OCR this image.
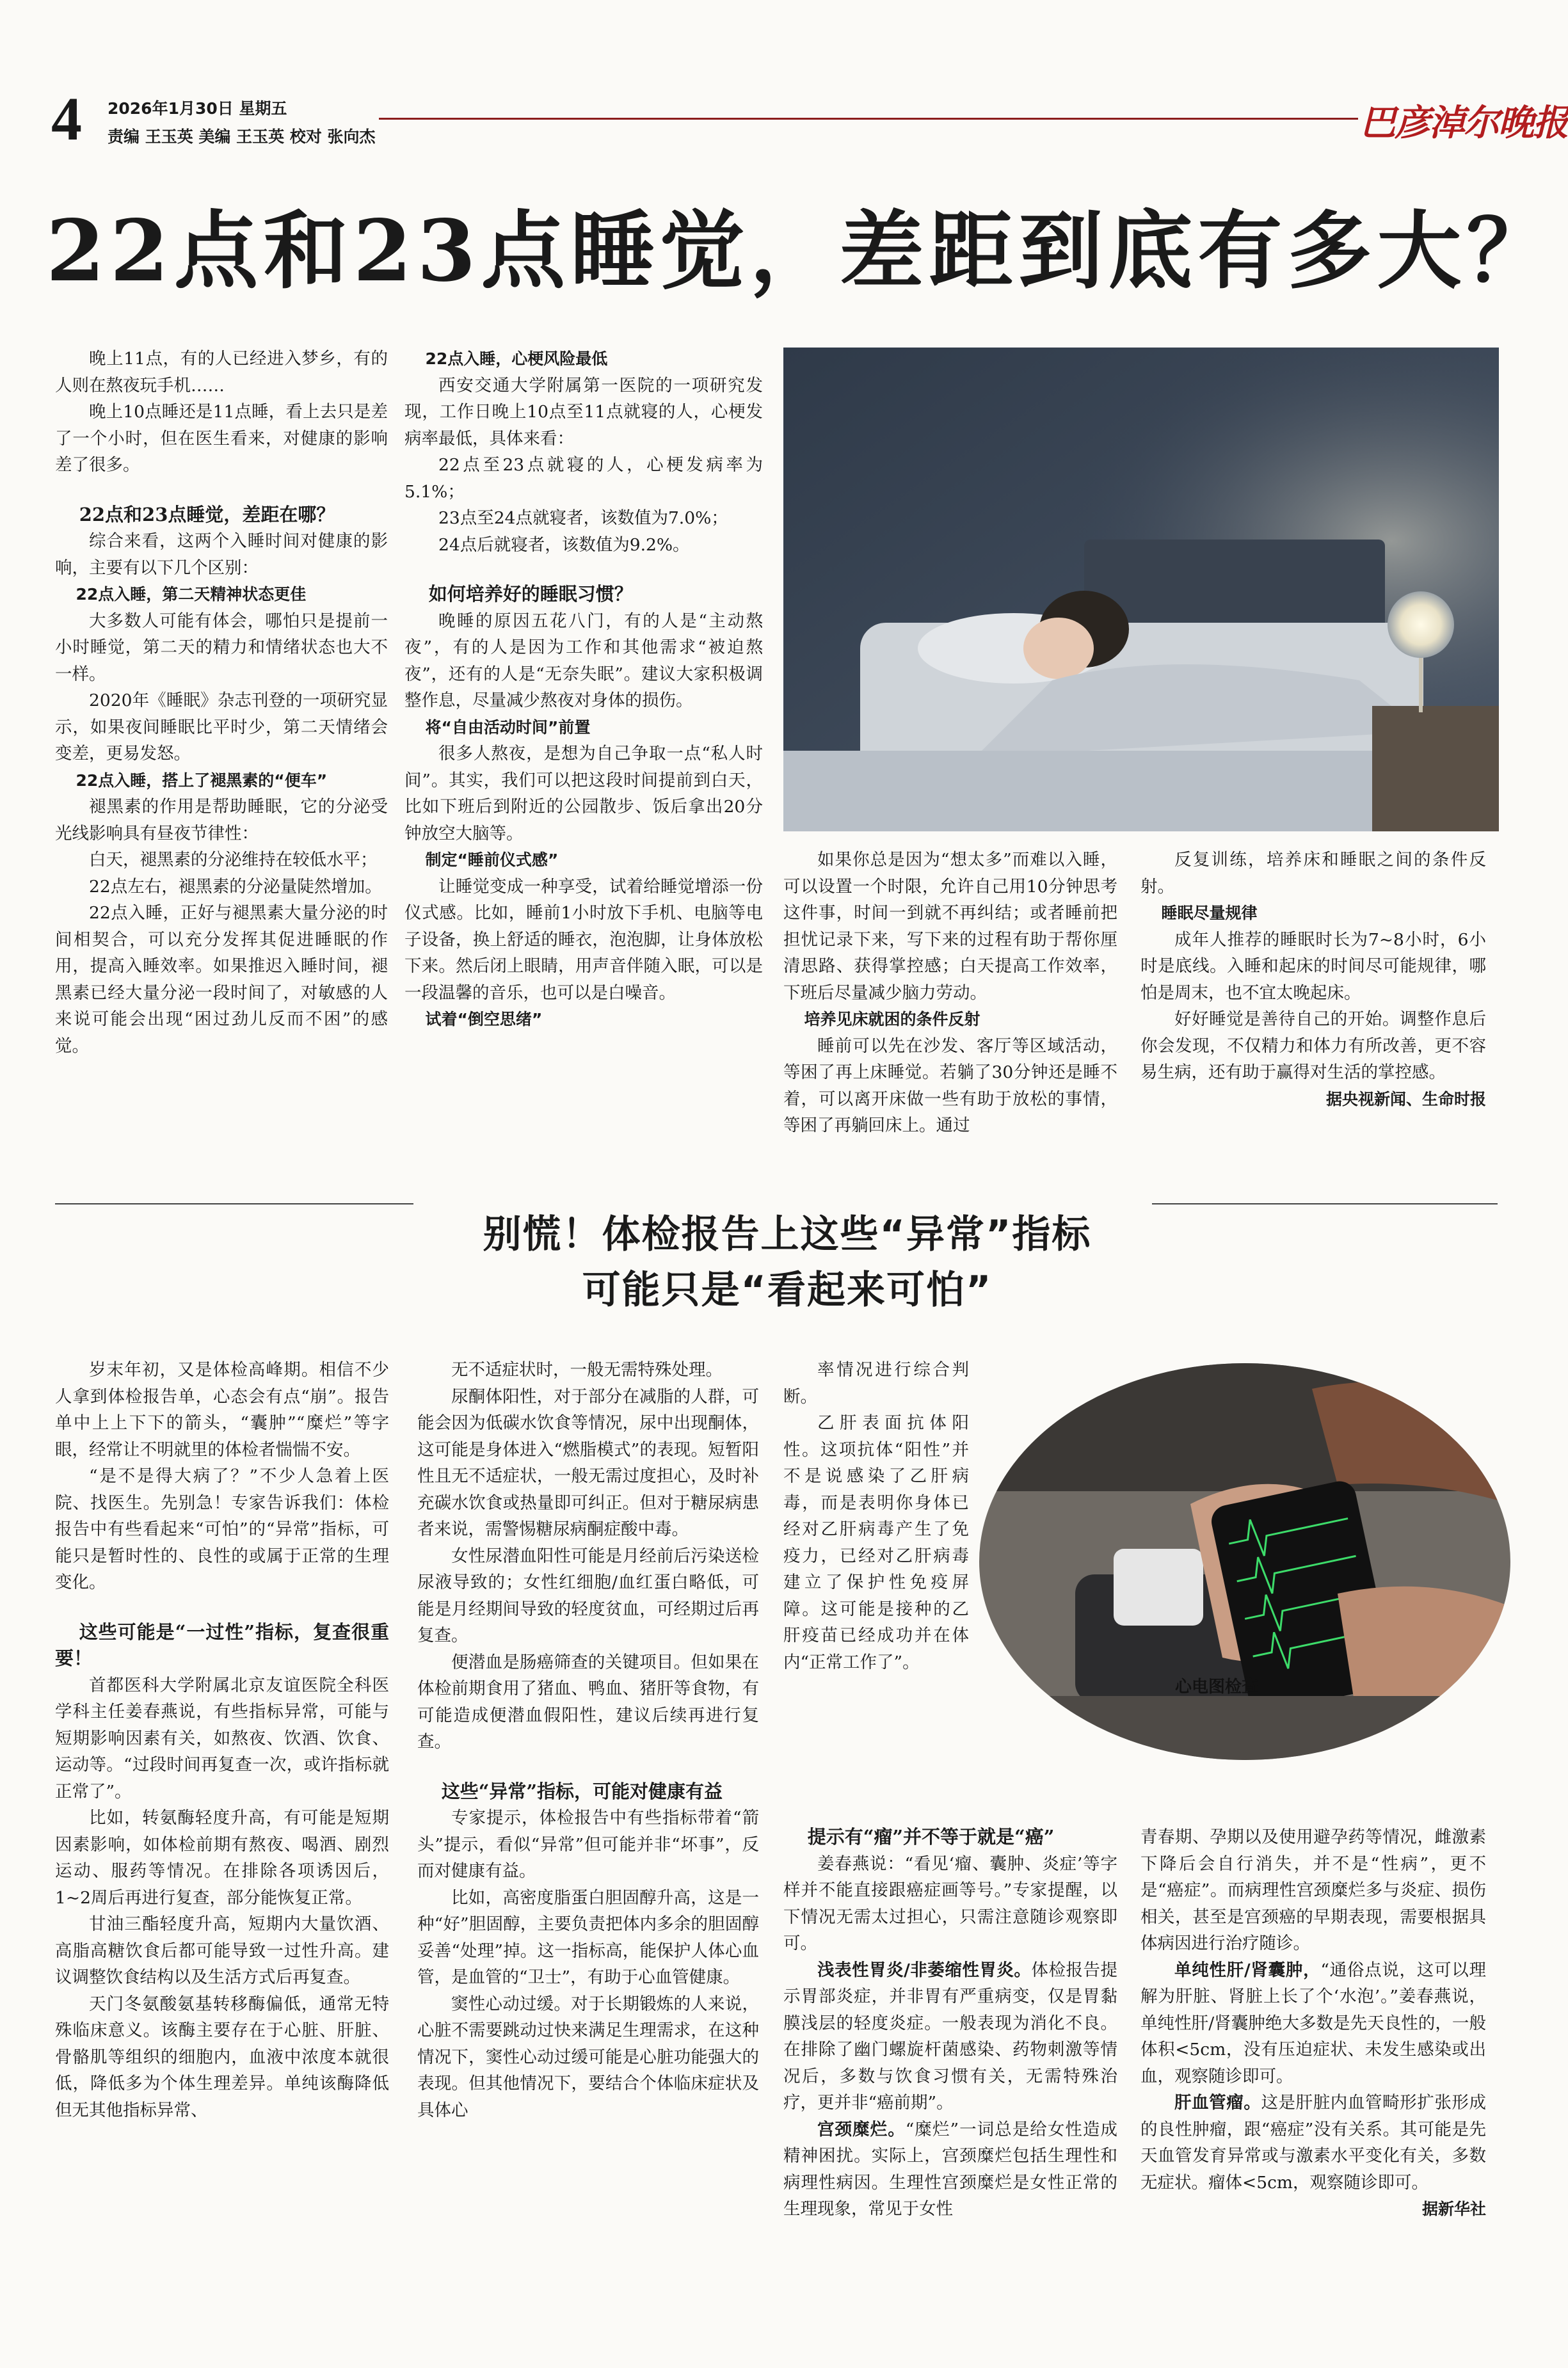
4 2026年1月30日 星期五
责编 王玉英 美编 王玉英 校对 张向杰	巴彦淖尔晚报
22点和23点睡觉，差距到底有多大？

晚上11点，有的人已经进入梦乡，有的人则在熬夜玩手机……

晚上10点睡还是11点睡，看上去只是差了一个小时，但在医生看来，对健康的影响差了很多。

22点和23点睡觉，差距在哪？

综合来看，这两个入睡时间对健康的影响，主要有以下几个区别：

22点入睡，第二天精神状态更佳

大多数人可能有体会，哪怕只是提前一小时睡觉，第二天的精力和情绪状态也大不一样。

2020年《睡眠》杂志刊登的一项研究显示，如果夜间睡眠比平时少，第二天情绪会变差，更易发怒。

22点入睡，搭上了褪黑素的“便车”

褪黑素的作用是帮助睡眠，它的分泌受光线影响具有昼夜节律性：

白天，褪黑素的分泌维持在较低水平；

22点左右，褪黑素的分泌量陡然增加。

22点入睡，正好与褪黑素大量分泌的时间相契合，可以充分发挥其促进睡眠的作用，提高入睡效率。如果推迟入睡时间，褪黑素已经大量分泌一段时间了，对敏感的人来说可能会出现“困过劲儿反而不困”的感觉。

22点入睡，心梗风险最低

西安交通大学附属第一医院的一项研究发现，工作日晚上10点至11点就寝的人，心梗发病率最低，具体来看：

22点至23点就寝的人，心梗发病率为5.1%；

23点至24点就寝者，该数值为7.0%；

24点后就寝者，该数值为9.2%。

如何培养好的睡眠习惯？

晚睡的原因五花八门，有的人是“主动熬夜”，有的人是因为工作和其他需求“被迫熬夜”，还有的人是“无奈失眠”。建议大家积极调整作息，尽量减少熬夜对身体的损伤。

将“自由活动时间”前置

很多人熬夜，是想为自己争取一点“私人时间”。其实，我们可以把这段时间提前到白天，比如下班后到附近的公园散步、饭后拿出20分钟放空大脑等。

制定“睡前仪式感”

让睡觉变成一种享受，试着给睡觉增添一份仪式感。比如，睡前1小时放下手机、电脑等电子设备，换上舒适的睡衣，泡泡脚，让身体放松下来。然后闭上眼睛，用声音伴随入眠，可以是一段温馨的音乐，也可以是白噪音。

试着“倒空思绪”

如果你总是因为“想太多”而难以入睡，可以设置一个时限，允许自己用10分钟思考这件事，时间一到就不再纠结；或者睡前把担忧记录下来，写下来的过程有助于帮你厘清思路、获得掌控感；白天提高工作效率，下班后尽量减少脑力劳动。

培养见床就困的条件反射

睡前可以先在沙发、客厅等区域活动，等困了再上床睡觉。若躺了30分钟还是睡不着，可以离开床做一些有助于放松的事情，等困了再躺回床上。通过

反复训练，培养床和睡眠之间的条件反射。

睡眠尽量规律

成年人推荐的睡眠时长为7~8小时，6小时是底线。入睡和起床的时间尽可能规律，哪怕是周末，也不宜太晚起床。

好好睡觉是善待自己的开始。调整作息后你会发现，不仅精力和体力有所改善，更不容易生病，还有助于赢得对生活的掌控感。

据央视新闻、生命时报

别慌！体检报告上这些“异常”指标
可能只是“看起来可怕”

岁末年初，又是体检高峰期。相信不少人拿到体检报告单，心态会有点“崩”。报告单中上上下下的箭头，“囊肿”“糜烂”等字眼，经常让不明就里的体检者惴惴不安。

“是不是得大病了？”不少人急着上医院、找医生。先别急！专家告诉我们：体检报告中有些看起来“可怕”的“异常”指标，可能只是暂时性的、良性的或属于正常的生理变化。

这些可能是“一过性”指标，复查很重要！

首都医科大学附属北京友谊医院全科医学科主任姜春燕说，有些指标异常，可能与短期影响因素有关，如熬夜、饮酒、饮食、运动等。“过段时间再复查一次，或许指标就正常了”。

比如，转氨酶轻度升高，有可能是短期因素影响，如体检前期有熬夜、喝酒、剧烈运动、服药等情况。在排除各项诱因后，1~2周后再进行复查，部分能恢复正常。

甘油三酯轻度升高，短期内大量饮酒、高脂高糖饮食后都可能导致一过性升高。建议调整饮食结构以及生活方式后再复查。

天门冬氨酸氨基转移酶偏低，通常无特殊临床意义。该酶主要存在于心脏、肝脏、骨骼肌等组织的细胞内，血液中浓度本就很低，降低多为个体生理差异。单纯该酶降低但无其他指标异常、

无不适症状时，一般无需特殊处理。

尿酮体阳性，对于部分在减脂的人群，可能会因为低碳水饮食等情况，尿中出现酮体，这可能是身体进入“燃脂模式”的表现。短暂阳性且无不适症状，一般无需过度担心，及时补充碳水饮食或热量即可纠正。但对于糖尿病患者来说，需警惕糖尿病酮症酸中毒。

女性尿潜血阳性可能是月经前后污染送检尿液导致的；女性红细胞/血红蛋白略低，可能是月经期间导致的轻度贫血，可经期过后再复查。

便潜血是肠癌筛查的关键项目。但如果在体检前期食用了猪血、鸭血、猪肝等食物，有可能造成便潜血假阳性，建议后续再进行复查。

这些“异常”指标，可能对健康有益

专家提示，体检报告中有些指标带着“箭头”提示，看似“异常”但可能并非“坏事”，反而对健康有益。

比如，高密度脂蛋白胆固醇升高，这是一种“好”胆固醇，主要负责把体内多余的胆固醇妥善“处理”掉。这一指标高，能保护人体心血管，是血管的“卫士”，有助于心血管健康。

窦性心动过缓。对于长期锻炼的人来说，心脏不需要跳动过快来满足生理需求，在这种情况下，窦性心动过缓可能是心脏功能强大的表现。但其他情况下，要结合个体临床症状及具体心

率情况进行综合判断。

乙肝表面抗体阳性。这项抗体“阳性”并不是说感染了乙肝病毒，而是表明你身体已经对乙肝病毒产生了免疫力，已经对乙肝病毒建立了保护性免疫屏障。这可能是接种的乙肝疫苗已经成功并在体内“正常工作了”。

心电图检查

提示有“瘤”并不等于就是“癌”

姜春燕说：“看见‘瘤、囊肿、炎症’等字样并不能直接跟癌症画等号。”专家提醒，以下情况无需太过担心，只需注意随诊观察即可。

浅表性胃炎/非萎缩性胃炎。体检报告提示胃部炎症，并非胃有严重病变，仅是胃黏膜浅层的轻度炎症。一般表现为消化不良。在排除了幽门螺旋杆菌感染、药物刺激等情况后，多数与饮食习惯有关，无需特殊治疗，更并非“癌前期”。

宫颈糜烂。“糜烂”一词总是给女性造成精神困扰。实际上，宫颈糜烂包括生理性和病理性病因。生理性宫颈糜烂是女性正常的生理现象，常见于女性

青春期、孕期以及使用避孕药等情况，雌激素下降后会自行消失，并不是“性病”，更不是“癌症”。而病理性宫颈糜烂多与炎症、损伤相关，甚至是宫颈癌的早期表现，需要根据具体病因进行治疗随诊。

单纯性肝/肾囊肿，“通俗点说，这可以理解为肝脏、肾脏上长了个‘水泡’。”姜春燕说，单纯性肝/肾囊肿绝大多数是先天良性的，一般体积<5cm，没有压迫症状、未发生感染或出血，观察随诊即可。

肝血管瘤。这是肝脏内血管畸形扩张形成的良性肿瘤，跟“癌症”没有关系。其可能是先天血管发育异常或与激素水平变化有关，多数无症状。瘤体<5cm，观察随诊即可。

据新华社
